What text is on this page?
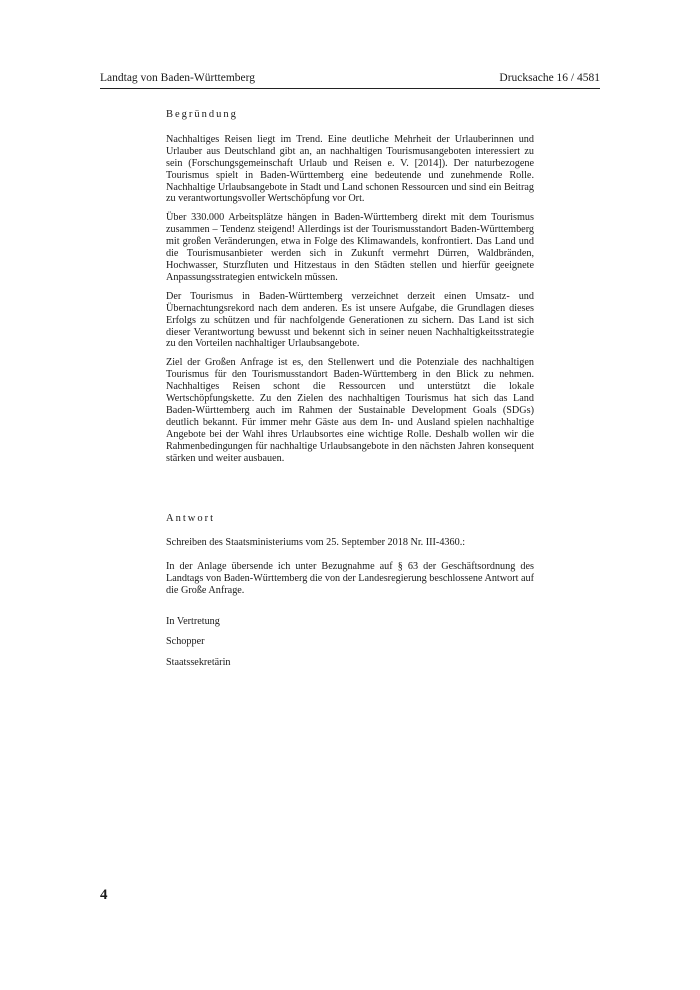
Landtag von Baden-Württemberg	Drucksache 16 / 4581
Begründung

Nachhaltiges Reisen liegt im Trend. Eine deutliche Mehrheit der Urlauberinnen und Urlauber aus Deutschland gibt an, an nachhaltigen Tourismusangeboten interessiert zu sein (Forschungsgemeinschaft Urlaub und Reisen e. V. [2014]). Der naturbezogene Tourismus spielt in Baden-Württemberg eine bedeutende und zunehmende Rolle. Nachhaltige Urlaubsangebote in Stadt und Land schonen Ressourcen und sind ein Beitrag zu verantwortungsvoller Wertschöpfung vor Ort.

Über 330.000 Arbeitsplätze hängen in Baden-Württemberg direkt mit dem Tourismus zusammen – Tendenz steigend! Allerdings ist der Tourismusstandort Baden-Württemberg mit großen Veränderungen, etwa in Folge des Klimawandels, konfrontiert. Das Land und die Tourismusanbieter werden sich in Zukunft vermehrt Dürren, Waldbränden, Hochwasser, Sturzfluten und Hitzestaus in den Städten stellen und hierfür geeignete Anpassungsstrategien entwickeln müssen.

Der Tourismus in Baden-Württemberg verzeichnet derzeit einen Umsatz- und Übernachtungsrekord nach dem anderen. Es ist unsere Aufgabe, die Grundlagen dieses Erfolgs zu schützen und für nachfolgende Generationen zu sichern. Das Land ist sich dieser Verantwortung bewusst und bekennt sich in seiner neuen Nachhaltigkeitsstrategie zu den Vorteilen nachhaltiger Urlaubsangebote.

Ziel der Großen Anfrage ist es, den Stellenwert und die Potenziale des nachhaltigen Tourismus für den Tourismusstandort Baden-Württemberg in den Blick zu nehmen. Nachhaltiges Reisen schont die Ressourcen und unterstützt die lokale Wertschöpfungskette. Zu den Zielen des nachhaltigen Tourismus hat sich das Land Baden-Württemberg auch im Rahmen der Sustainable Development Goals (SDGs) deutlich bekannt. Für immer mehr Gäste aus dem In- und Ausland spielen nachhaltige Angebote bei der Wahl ihres Urlaubsortes eine wichtige Rolle. Deshalb wollen wir die Rahmenbedingungen für nachhaltige Urlaubsangebote in den nächsten Jahren konsequent stärken und weiter ausbauen.

Antwort

Schreiben des Staatsministeriums vom 25. September 2018 Nr. III-4360.:

In der Anlage übersende ich unter Bezugnahme auf § 63 der Geschäftsordnung des Landtags von Baden-Württemberg die von der Landesregierung beschlossene Antwort auf die Große Anfrage.

In Vertretung

Schopper

Staatssekretärin

4
